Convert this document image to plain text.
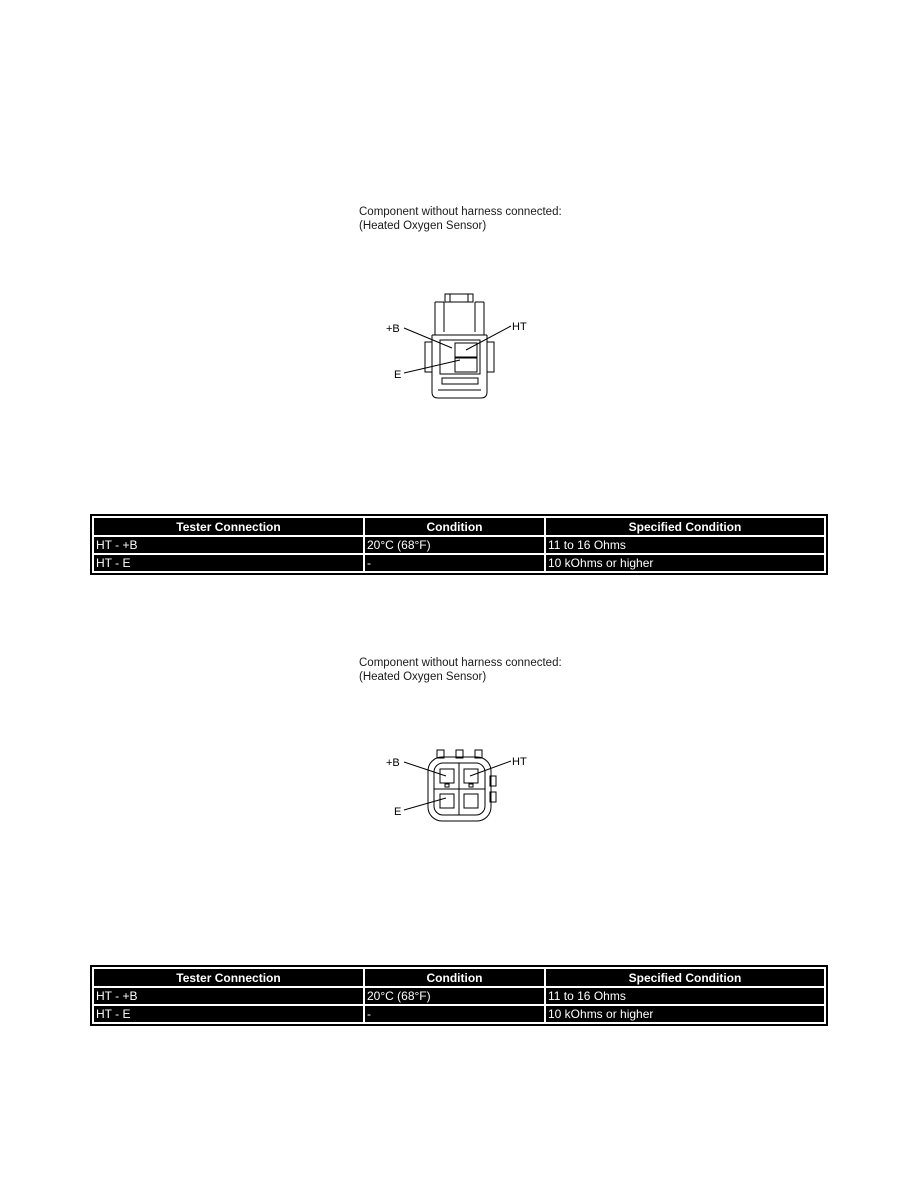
Component without harness connected:
(Heated Oxygen Sensor)
+B	HT
E
Tester Connection	Condition	Specified Condition
HT - +B	20°C (68°F)	11 to 16 Ohms
HT - E	-	10 kOhms or higher
Component without harness connected:
(Heated Oxygen Sensor)
+B	HT
E
Tester Connection	Condition	Specified Condition
HT - +B	20°C (68°F)	11 to 16 Ohms
HT - E	-	10 kOhms or higher
